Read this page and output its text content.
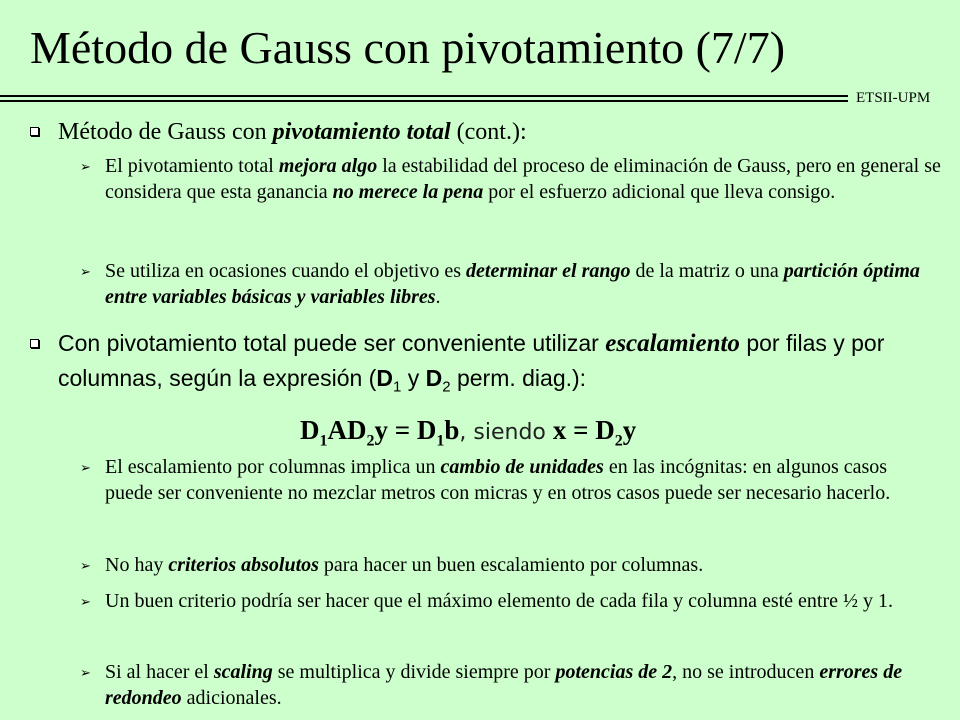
Método de Gauss con pivotamiento (7/7)
ETSII-UPM
Método de Gauss con pivotamiento total (cont.):
➢ El pivotamiento total mejora algo la estabilidad del proceso de eliminación de Gauss, pero en general se considera que esta ganancia no merece la pena por el esfuerzo adicional que lleva consigo.
➢ Se utiliza en ocasiones cuando el objetivo es determinar el rango de la matriz o una partición óptima entre variables básicas y variables libres.
Con pivotamiento total puede ser conveniente utilizar escalamiento por filas y por columnas, según la expresión ($D_1$ y $D_2$ perm. diag.):
$D_1AD_2y = D_1b$, siendo $x = D_2y$
➢ El escalamiento por columnas implica un cambio de unidades en las incógnitas: en algunos casos puede ser conveniente no mezclar metros con micras y en otros casos puede ser necesario hacerlo.
➢ No hay criterios absolutos para hacer un buen escalamiento por columnas.
➢ Un buen criterio podría ser hacer que el máximo elemento de cada fila y columna esté entre ½ y 1.
➢ Si al hacer el scaling se multiplica y divide siempre por potencias de 2, no se introducen errores de redondeo adicionales.
